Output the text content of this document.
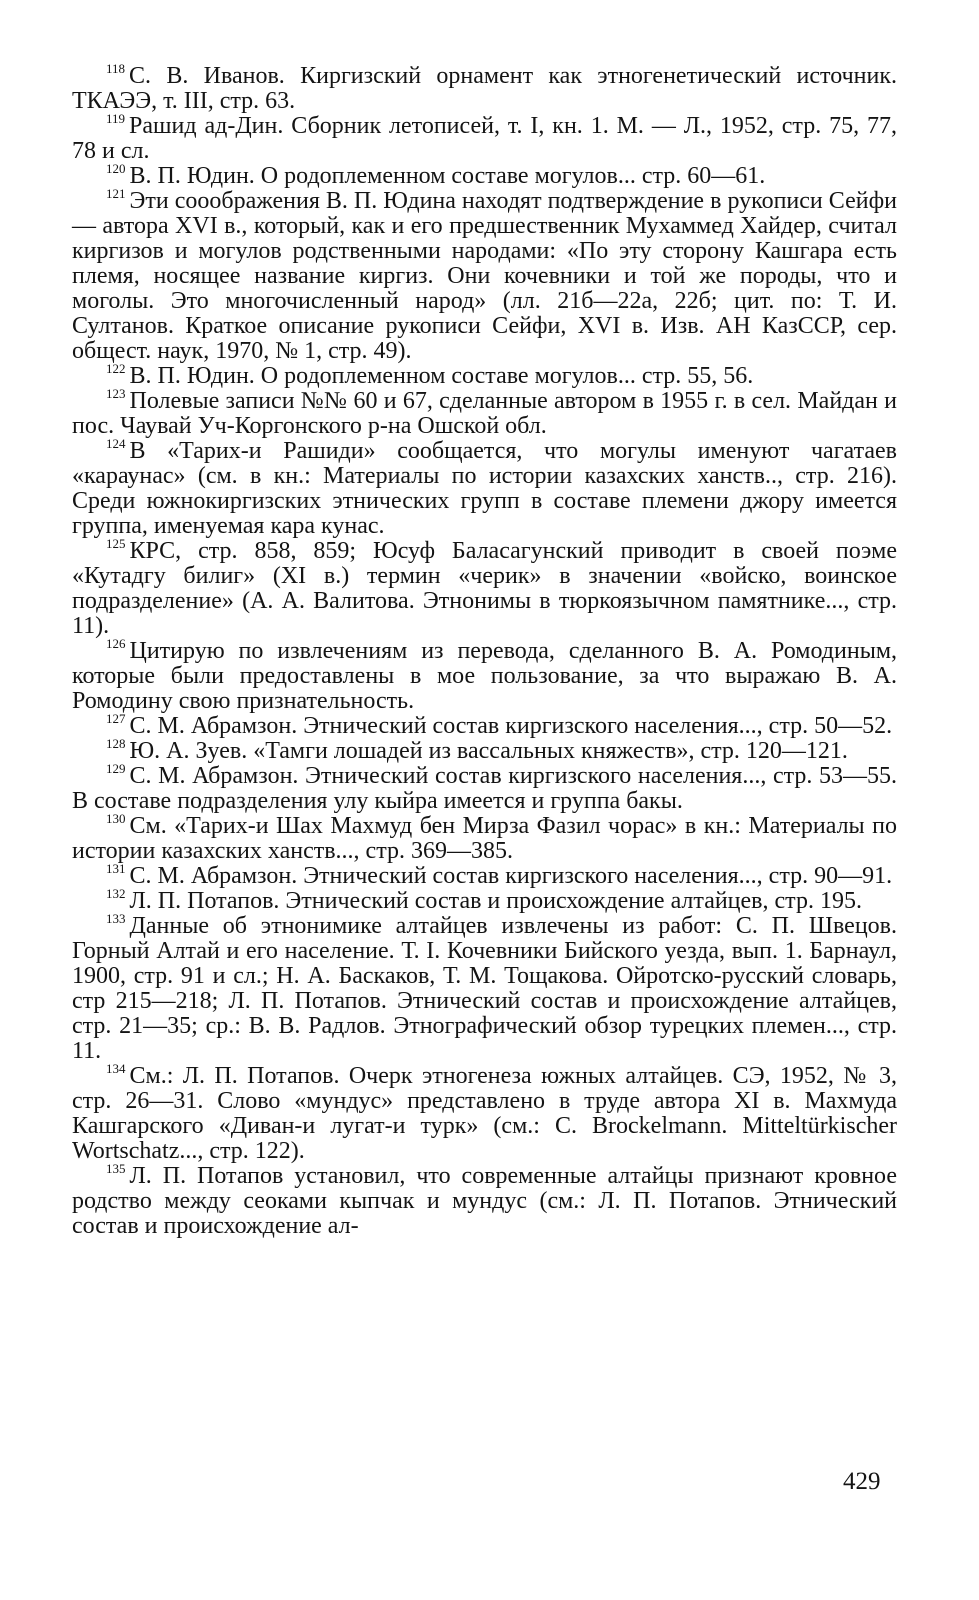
$^{118}$ С. В. Иванов. Киргизский орнамент как этногенетический источник. ТКАЭЭ, т. III, стр. 63.

$^{119}$ Рашид ад-Дин. Сборник летописей, т. I, кн. 1. М. — Л., 1952, стр. 75, 77, 78 и сл.

$^{120}$ В. П. Юдин. О родоплеменном составе могулов... стр. 60—61.

$^{121}$ Эти сооображения В. П. Юдина находят подтверждение в рукописи Сейфи — автора XVI в., который, как и его предшественник Мухаммед Хайдер, считал киргизов и могулов родственными народами: «По эту сторону Кашгара есть племя, носящее название киргиз. Они кочевники и той же породы, что и моголы. Это многочисленный народ» (лл. 21б—22а, 22б; цит. по: Т. И. Султанов. Краткое описание рукописи Сейфи, XVI в. Изв. АН КазССР, сер. общест. наук, 1970, № 1, стр. 49).

$^{122}$ В. П. Юдин. О родоплеменном составе могулов... стр. 55, 56.

$^{123}$ Полевые записи №№ 60 и 67, сделанные автором в 1955 г. в сел. Майдан и пос. Чаувай Уч-Коргонского р-на Ошской обл.

$^{124}$ В «Тарих-и Рашиди» сообщается, что могулы именуют чагатаев «караунас» (см. в кн.: Материалы по истории казахских ханств.., стр. 216). Среди южнокиргизских этнических групп в составе племени джору имеется группа, именуемая кара кунас.

$^{125}$ КРС, стр. 858, 859; Юсуф Баласагунский приводит в своей поэме «Кутадгу билиг» (XI в.) термин «черик» в значении «войско, воинское подразделение» (А. А. Валитова. Этнонимы в тюркоязычном памятнике..., стр. 11).

$^{126}$ Цитирую по извлечениям из перевода, сделанного В. А. Ромодиным, которые были предоставлены в мое пользование, за что выражаю В. А. Ромодину свою признательность.

$^{127}$ С. М. Абрамзон. Этнический состав киргизского населения..., стр. 50—52.

$^{128}$ Ю. А. Зуев. «Тамги лошадей из вассальных княжеств», стр. 120—121.

$^{129}$ С. М. Абрамзон. Этнический состав киргизского населения..., стр. 53—55. В составе подразделения улу кыйра имеется и группа бакы.

$^{130}$ См. «Тарих-и Шах Махмуд бен Мирза Фазил чорас» в кн.: Материалы по истории казахских ханств..., стр. 369—385.

$^{131}$ С. М. Абрамзон. Этнический состав киргизского населения..., стр. 90—91.

$^{132}$ Л. П. Потапов. Этнический состав и происхождение алтайцев, стр. 195.

$^{133}$ Данные об этнонимике алтайцев извлечены из работ: С. П. Швецов. Горный Алтай и его население. Т. I. Кочевники Бийского уезда, вып. 1. Барнаул, 1900, стр. 91 и сл.; Н. А. Баскаков, Т. М. Тощакова. Ойротско-русский словарь, стр 215—218; Л. П. Потапов. Этнический состав и происхождение алтайцев, стр. 21—35; ср.: В. В. Радлов. Этнографический обзор турецких племен..., стр. 11.

$^{134}$ См.: Л. П. Потапов. Очерк этногенеза южных алтайцев. СЭ, 1952, № 3, стр. 26—31. Слово «мундус» представлено в труде автора XI в. Махмуда Кашгарского «Диван-и лугат-и турк» (см.: C. Brockelmann. Mitteltürkischer Wortschatz..., стр. 122).

$^{135}$ Л. П. Потапов установил, что современные алтайцы признают кровное родство между сеоками кыпчак и мундус (см.: Л. П. Потапов. Этнический состав и происхождение ал-

429
